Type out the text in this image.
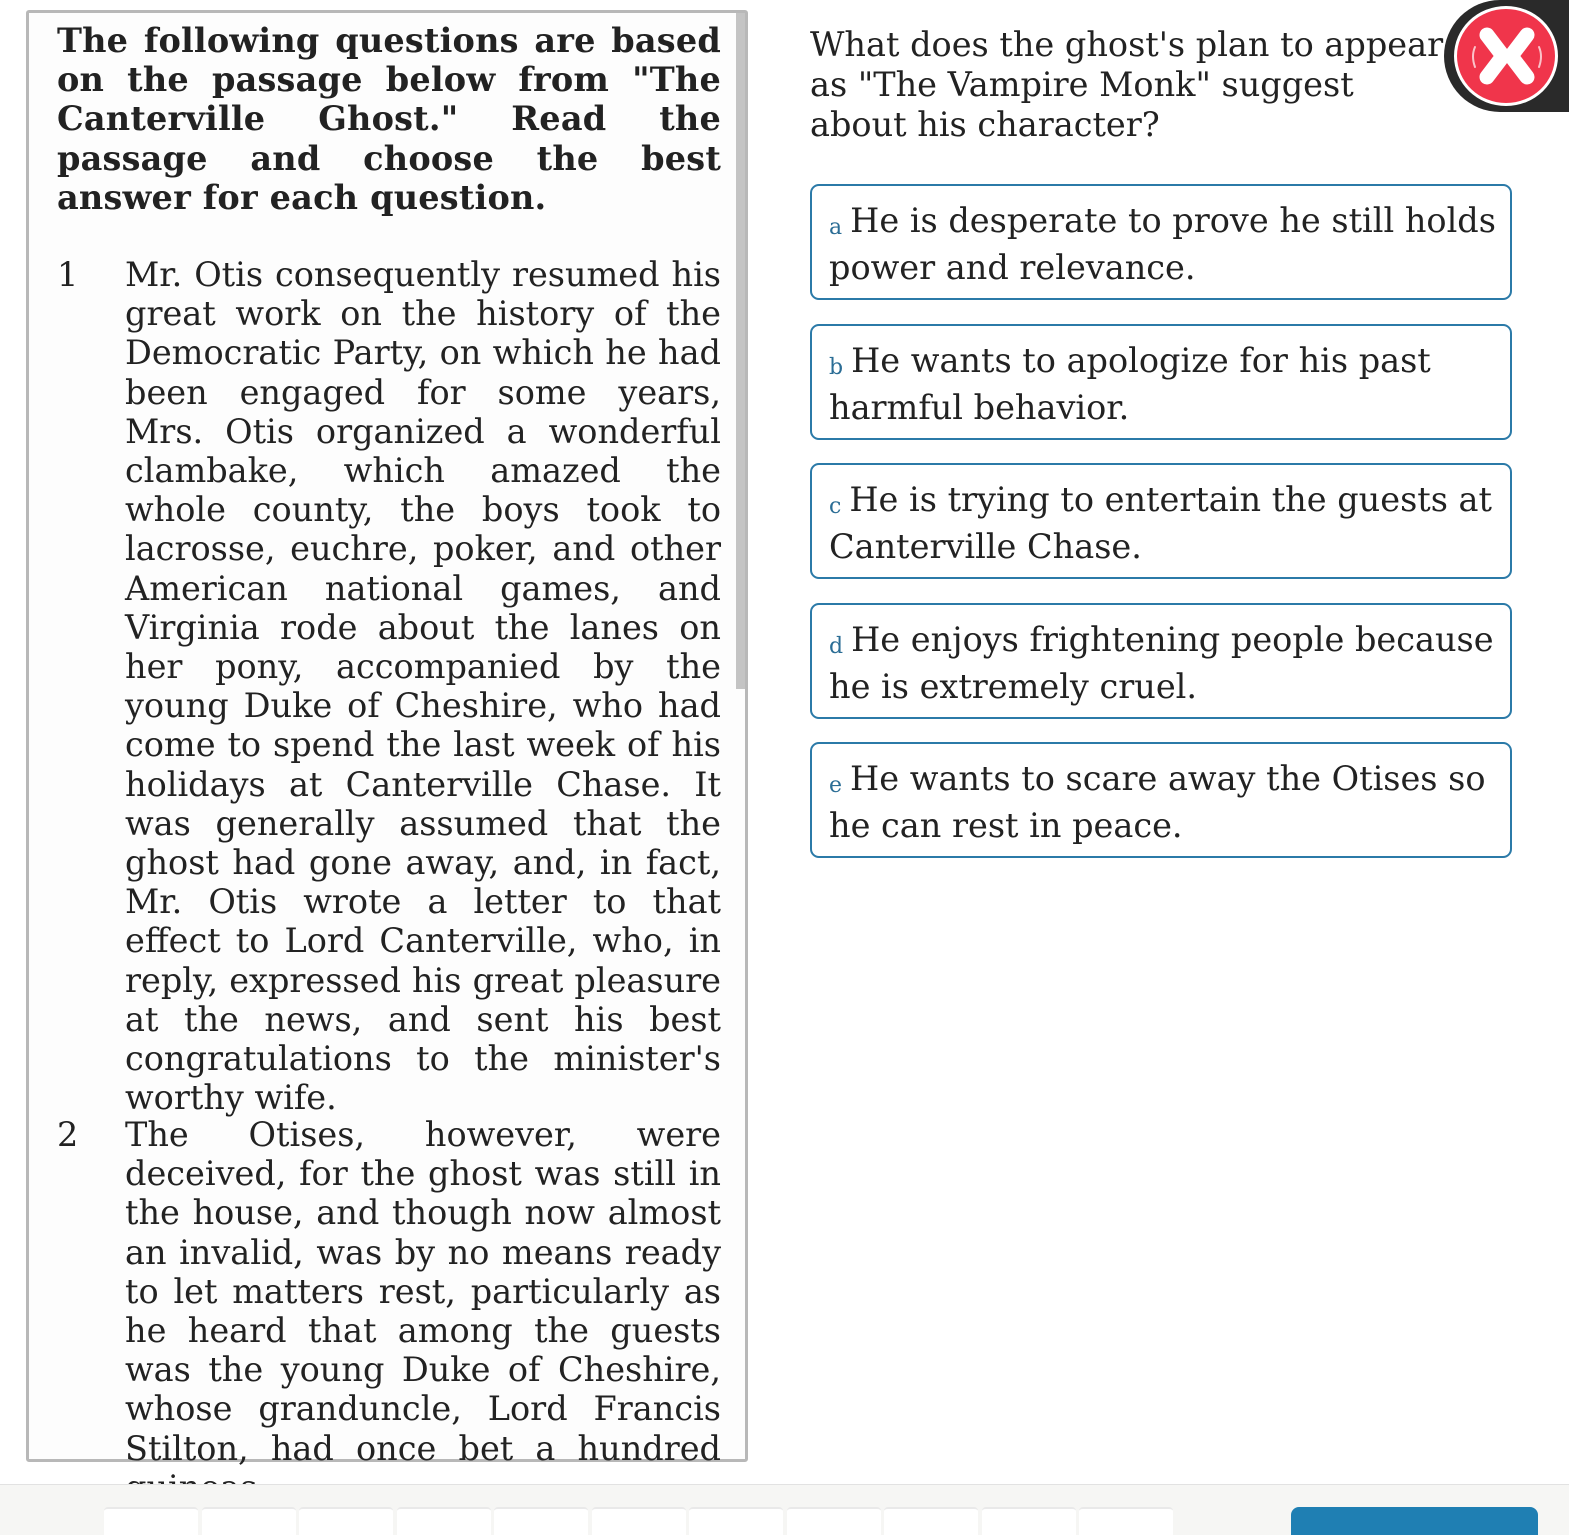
The following questions are based on the passage below from "The Canterville Ghost." Read the passage and choose the best answer for each question.

1	Mr. Otis consequently resumed his great work on the history of the Democratic Party, on which he had been engaged for some years, Mrs. Otis organized a wonderful clambake, which amazed the whole county, the boys took to lacrosse, euchre, poker, and other American national games, and Virginia rode about the lanes on her pony, accompanied by the young Duke of Cheshire, who had come to spend the last week of his holidays at Canterville Chase. It was generally assumed that the ghost had gone away, and, in fact, Mr. Otis wrote a letter to that effect to Lord Canterville, who, in reply, expressed his great pleasure at the news, and sent his best congratulations to the minister's worthy wife.

2	The Otises, however, were deceived, for the ghost was still in the house, and though now almost an invalid, was by no means ready to let matters rest, particularly as he heard that among the guests was the young Duke of Cheshire, whose granduncle, Lord Francis Stilton, had once bet a hundred

What does the ghost's plan to appear as "The Vampire Monk" suggest about his character?

a He is desperate to prove he still holds power and relevance.
b He wants to apologize for his past harmful behavior.
c He is trying to entertain the guests at Canterville Chase.
d He enjoys frightening people because he is extremely cruel.
e He wants to scare away the Otises so he can rest in peace.
